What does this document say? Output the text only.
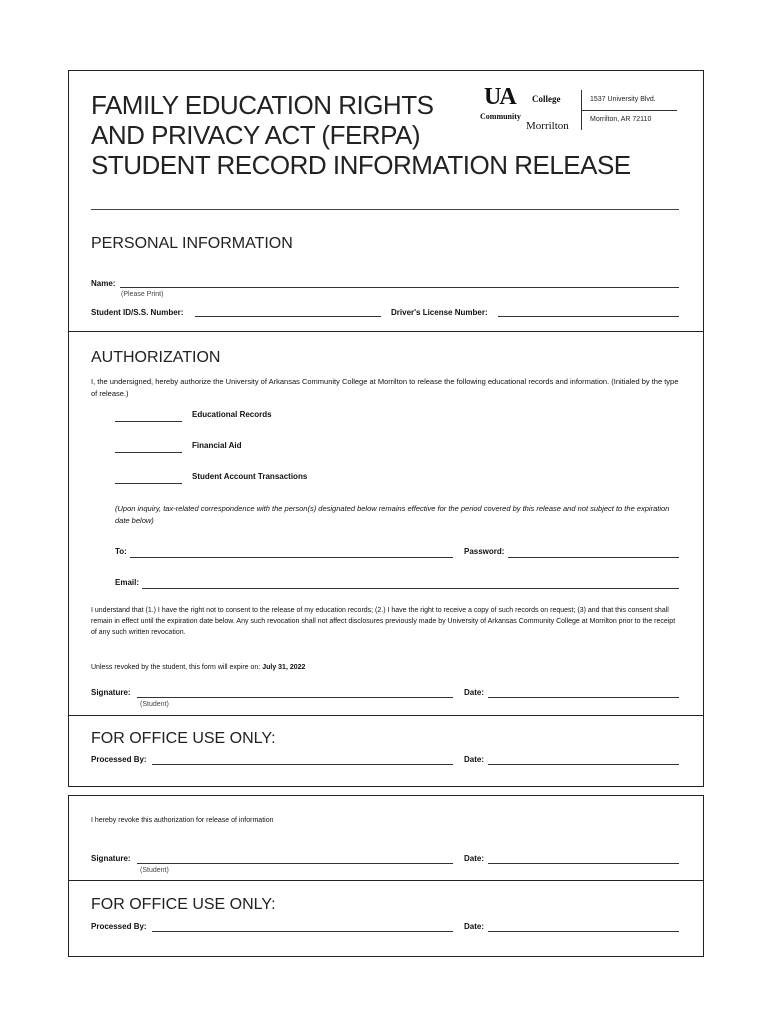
FAMILY EDUCATION RIGHTS
AND PRIVACY ACT (FERPA)
STUDENT RECORD INFORMATION RELEASE
UA College
Community
Morrilton
1537 University Blvd.
Morrilton, AR 72110
PERSONAL INFORMATION
Name:
(Please Print)
Student ID/S.S. Number:	Driver's License Number:
AUTHORIZATION
I, the undersigned, hereby authorize the University of Arkansas Community College at Morrilton to release the following educational records and information. (Initialed by the type of release.)
Educational Records
Financial Aid
Student Account Transactions
(Upon inquiry, tax-related correspondence with the person(s) designated below remains effective for the period covered by this release and not subject to the expiration date below)
To:	Password:
Email:
I understand that (1.) I have the right not to consent to the release of my education records; (2.) I have the right to receive a copy of such records on request; (3) and that this consent shall remain in effect until the expiration date below. Any such revocation shall not affect disclosures previously made by University of Arkansas Community College at Morrilton prior to the receipt of any such written revocation.
Unless revoked by the student, this form will expire on: July 31, 2022
Signature:
(Student)
Date:
FOR OFFICE USE ONLY:
Processed By:	Date:
I hereby revoke this authorization for release of information
Signature:
(Student)
Date:
FOR OFFICE USE ONLY:
Processed By:	Date:
